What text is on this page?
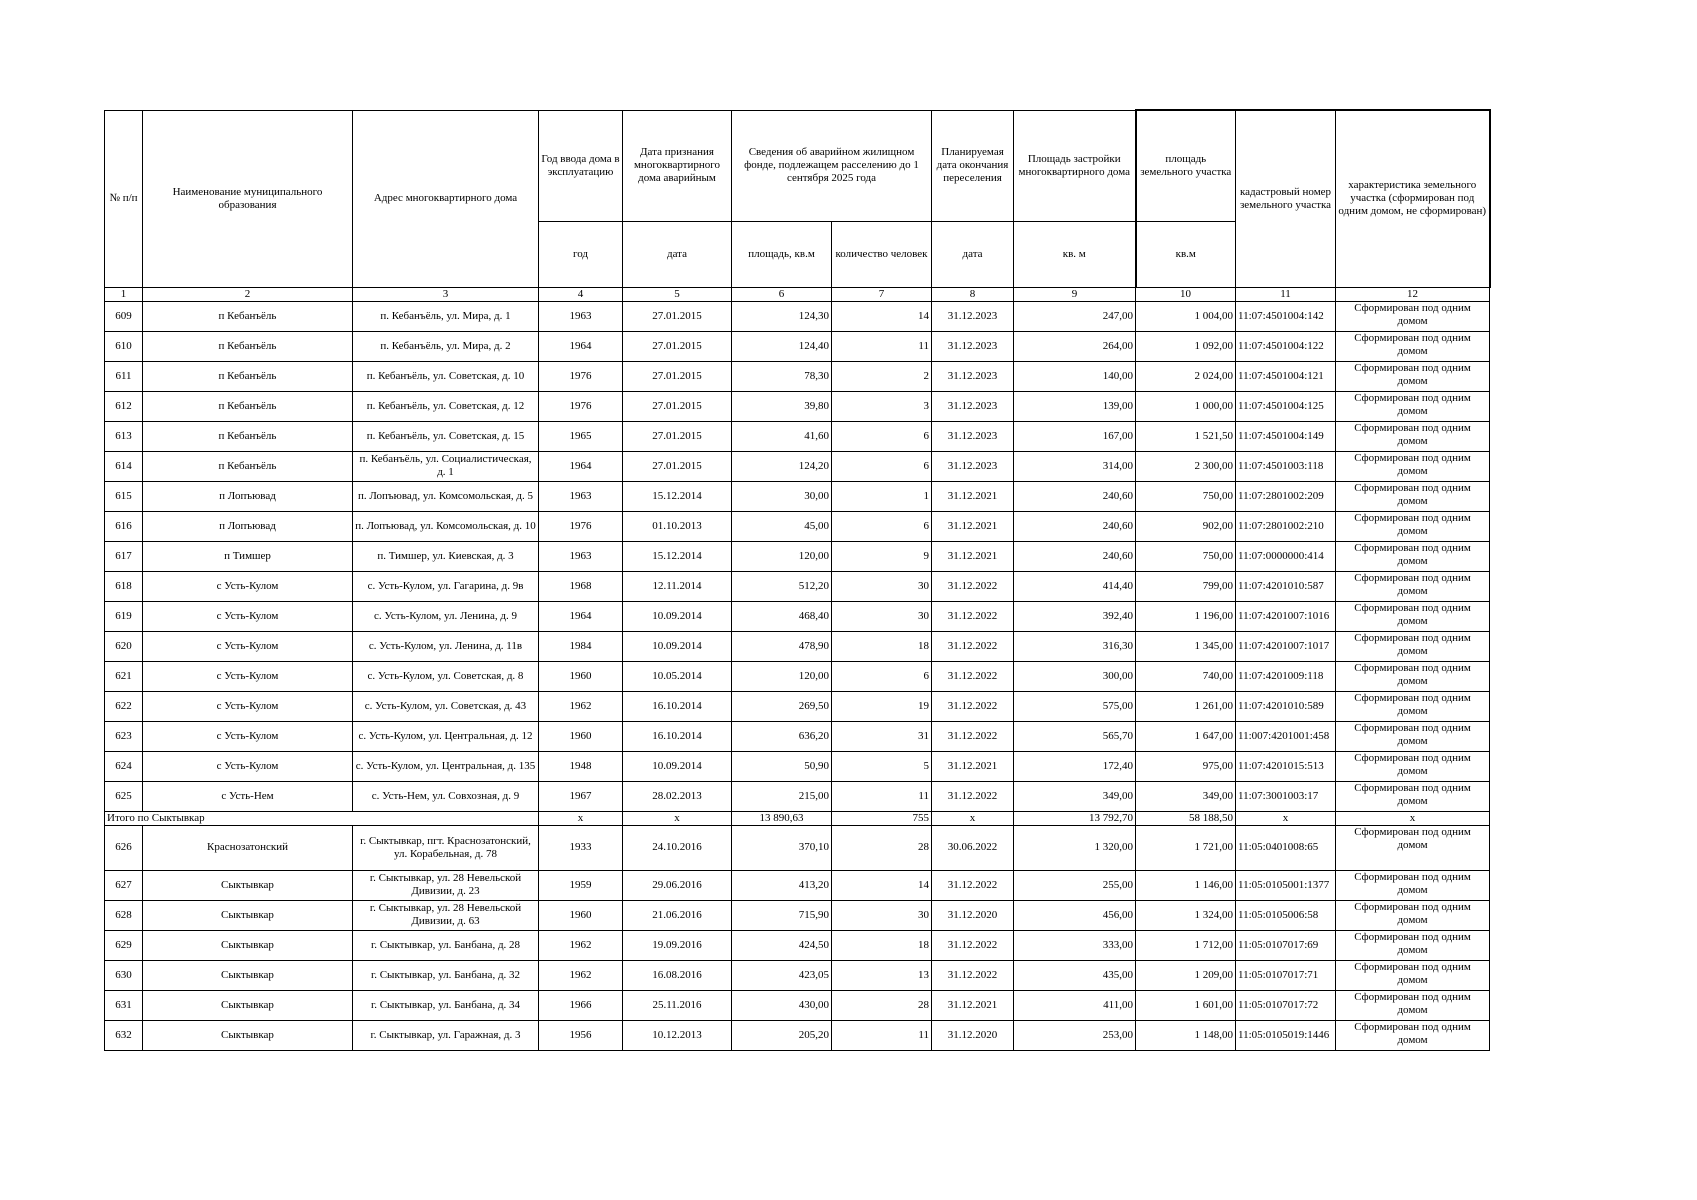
№ п/п	Наименование муниципального образования	Адрес многоквартирного дома	Год ввода дома в эксплуатацию	Дата признания многоквартирного дома аварийным	Сведения об аварийном жилищном фонде, подлежащем расселению до 1 сентября 2025 года		Планируемая дата окончания переселения	Площадь застройки многоквартирного дома	площадь земельного участка	кадастровый номер земельного участка	характеристика земельного участка (сформирован под одним домом, не сформирован)
			год	дата	площадь, кв.м	количество человек	дата	кв. м	кв.м		
1	2	3	4	5	6	7	8	9	10	11	12
609	п Кебанъёль	п. Кебанъёль, ул. Мира, д. 1	1963	27.01.2015	124,30	14	31.12.2023	247,00	1 004,00	11:07:4501004:142	Сформирован под одним домом
610	п Кебанъёль	п. Кебанъёль, ул. Мира, д. 2	1964	27.01.2015	124,40	11	31.12.2023	264,00	1 092,00	11:07:4501004:122	Сформирован под одним домом
611	п Кебанъёль	п. Кебанъёль, ул. Советская, д. 10	1976	27.01.2015	78,30	2	31.12.2023	140,00	2 024,00	11:07:4501004:121	Сформирован под одним домом
612	п Кебанъёль	п. Кебанъёль, ул. Советская, д. 12	1976	27.01.2015	39,80	3	31.12.2023	139,00	1 000,00	11:07:4501004:125	Сформирован под одним домом
613	п Кебанъёль	п. Кебанъёль, ул. Советская, д. 15	1965	27.01.2015	41,60	6	31.12.2023	167,00	1 521,50	11:07:4501004:149	Сформирован под одним домом
614	п Кебанъёль	п. Кебанъёль, ул. Социалистическая, д. 1	1964	27.01.2015	124,20	6	31.12.2023	314,00	2 300,00	11:07:4501003:118	Сформирован под одним домом
615	п Лопъювад	п. Лопъювад, ул. Комсомольская, д. 5	1963	15.12.2014	30,00	1	31.12.2021	240,60	750,00	11:07:2801002:209	Сформирован под одним домом
616	п Лопъювад	п. Лопъювад, ул. Комсомольская, д. 10	1976	01.10.2013	45,00	6	31.12.2021	240,60	902,00	11:07:2801002:210	Сформирован под одним домом
617	п Тимшер	п. Тимшер, ул. Киевская, д. 3	1963	15.12.2014	120,00	9	31.12.2021	240,60	750,00	11:07:0000000:414	Сформирован под одним домом
618	с Усть-Кулом	с. Усть-Кулом, ул. Гагарина, д. 9в	1968	12.11.2014	512,20	30	31.12.2022	414,40	799,00	11:07:4201010:587	Сформирован под одним домом
619	с Усть-Кулом	с. Усть-Кулом, ул. Ленина, д. 9	1964	10.09.2014	468,40	30	31.12.2022	392,40	1 196,00	11:07:4201007:1016	Сформирован под одним домом
620	с Усть-Кулом	с. Усть-Кулом, ул. Ленина, д. 11в	1984	10.09.2014	478,90	18	31.12.2022	316,30	1 345,00	11:07:4201007:1017	Сформирован под одним домом
621	с Усть-Кулом	с. Усть-Кулом, ул. Советская, д. 8	1960	10.05.2014	120,00	6	31.12.2022	300,00	740,00	11:07:4201009:118	Сформирован под одним домом
622	с Усть-Кулом	с. Усть-Кулом, ул. Советская, д. 43	1962	16.10.2014	269,50	19	31.12.2022	575,00	1 261,00	11:07:4201010:589	Сформирован под одним домом
623	с Усть-Кулом	с. Усть-Кулом, ул. Центральная, д. 12	1960	16.10.2014	636,20	31	31.12.2022	565,70	1 647,00	11:007:4201001:458	Сформирован под одним домом
624	с Усть-Кулом	с. Усть-Кулом, ул. Центральная, д. 135	1948	10.09.2014	50,90	5	31.12.2021	172,40	975,00	11:07:4201015:513	Сформирован под одним домом
625	с Усть-Нем	с. Усть-Нем, ул. Совхозная, д. 9	1967	28.02.2013	215,00	11	31.12.2022	349,00	349,00	11:07:3001003:17	Сформирован под одним домом
Итого по Сыктывкар			x	x	13 890,63	755	x	13 792,70	58 188,50	x	x
626	Краснозатонский	г. Сыктывкар, пгт. Краснозатонский, ул. Корабельная, д. 78	1933	24.10.2016	370,10	28	30.06.2022	1 320,00	1 721,00	11:05:0401008:65	Сформирован под одним домом
627	Сыктывкар	г. Сыктывкар, ул. 28 Невельской Дивизии, д. 23	1959	29.06.2016	413,20	14	31.12.2022	255,00	1 146,00	11:05:0105001:1377	Сформирован под одним домом
628	Сыктывкар	г. Сыктывкар, ул. 28 Невельской Дивизии, д. 63	1960	21.06.2016	715,90	30	31.12.2020	456,00	1 324,00	11:05:0105006:58	Сформирован под одним домом
629	Сыктывкар	г. Сыктывкар, ул. Банбана, д. 28	1962	19.09.2016	424,50	18	31.12.2022	333,00	1 712,00	11:05:0107017:69	Сформирован под одним домом
630	Сыктывкар	г. Сыктывкар, ул. Банбана, д. 32	1962	16.08.2016	423,05	13	31.12.2022	435,00	1 209,00	11:05:0107017:71	Сформирован под одним домом
631	Сыктывкар	г. Сыктывкар, ул. Банбана, д. 34	1966	25.11.2016	430,00	28	31.12.2021	411,00	1 601,00	11:05:0107017:72	Сформирован под одним домом
632	Сыктывкар	г. Сыктывкар, ул. Гаражная, д. 3	1956	10.12.2013	205,20	11	31.12.2020	253,00	1 148,00	11:05:0105019:1446	Сформирован под одним домом
